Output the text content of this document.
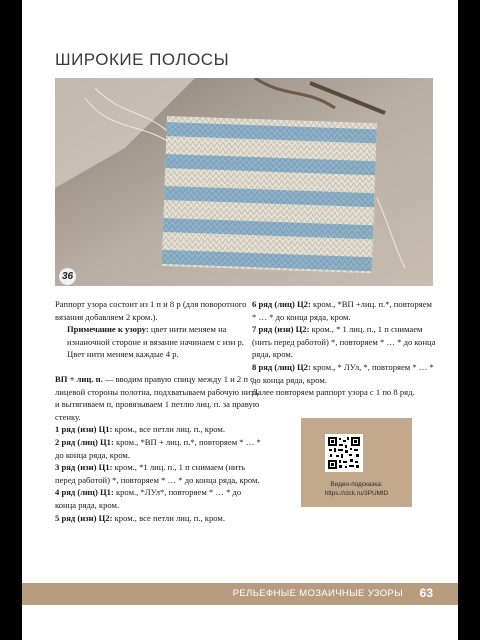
ШИРОКИЕ ПОЛОСЫ
36

Раппорт узора состоит из 1 п и 8 р (для поворотного вязания добавляем 2 кром.).

Примечание к узору: цвет нити меняем на изнаночной стороне и вязание начинаем с изн р.

Цвет нити меняем каждые 4 р.

ВП + лиц. п. — вводим правую спицу между 1 и 2 п с лицевой стороны полотна, подхватываем рабочую нить и вытягиваем п, провязываем 1 петлю лиц. п. за правую стенку.

1 ряд (изн) Ц1: кром., все петли лиц. п., кром.

2 ряд (лиц) Ц1: кром., *ВП + лиц. п.*, повторяем * … * до конца ряда, кром.

3 ряд (изн) Ц1: кром., *1 лиц. п., 1 п снимаем (нить перед работой) *, повторяем * … * до конца ряда, кром.

4 ряд (лиц) Ц1: кром., *ЛУл*, повторяем * … * до конца ряда, кром.

5 ряд (изн) Ц2: кром., все петли лиц. п., кром.

6 ряд (лиц) Ц2: кром., *ВП +лиц. п.*, повторяем * … * до конца ряда, кром.

7 ряд (изн) Ц2: кром., * 1 лиц. п., 1 п снимаем (нить перед работой) *, повторяем * … * до конца ряда, кром.

8 ряд (лиц) Ц2: кром., * ЛУл, *, повторяем * … * до конца ряда, кром.

Далее повторяем раппорт узора с 1 по 8 ряд.

Видео-подсказка:
https://clck.ru/3PUMtD
РЕЛЬЕФНЫЕ МОЗАИЧНЫЕ УЗОРЫ 63
